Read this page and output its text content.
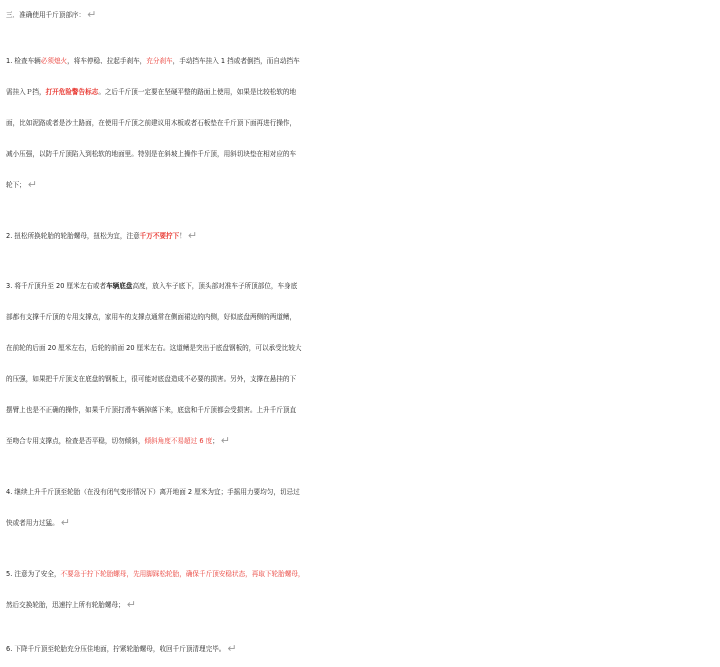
三．准确使用千斤顶部序： ↵
1. 检查车辆必须熄火，将车停稳、拉起手刹车，充分刹车，手动挡车挂入 1 挡或者倒挡，而自动挡车
需挂入Ｐ挡，打开危险警告标志。之后千斤顶一定要在坚硬平整的路面上使用，如果是比较松软的地
面，比如泥路或者是沙土路面，在使用千斤顶之前建议用木板或者石板垫在千斤顶下面再进行操作，
减小压强，以防千斤顶陷入到松软的地面里。特别是在斜坡上操作千斤顶，用斜切块垫在相对应的车
轮下； ↵
2. 扭松所换轮胎的轮胎螺母，扭松为宜，注意千万不要拧下！ ↵
3. 将千斤顶升至 20 厘米左右或者车辆底盘高度，放入车子底下，顶头部对准车子所顶部位，车身底
部都有支撑千斤顶的专用支撑点，家用车的支撑点通常在侧面裙边的内侧，好似底盘两侧的两道鳍，
在前轮的后面 20 厘米左右，后轮的前面 20 厘米左右。这道鳍是突出于底盘钢板的，可以承受比较大
的压强，如果把千斤顶支在底盘的钢板上，很可能对底盘造成不必要的损害。另外，支撑在悬挂的下
摆臂上也是不正确的操作，如果千斤顶打滑车辆掉落下来，底盘和千斤顶都会受损害。上升千斤顶直
至吻合专用支撑点，检查是否平稳，切勿倾斜，倾斜角度不易超过 6 度； ↵
4. 继续上升千斤顶至轮胎（在没有闭气变形情况下）离开地面 2 厘米为宜；手摇用力要均匀，切忌过
快或者用力过猛。 ↵
5. 注意为了安全，不要急于拧下轮胎螺母，先用脚踩松轮胎，确保千斤顶安稳状态，再取下轮胎螺母，
然后交换轮胎，迅速拧上所有轮胎螺母； ↵
6. 下降千斤顶至轮胎充分压住地面，拧紧轮胎螺母，收回千斤顶清理完毕。 ↵
